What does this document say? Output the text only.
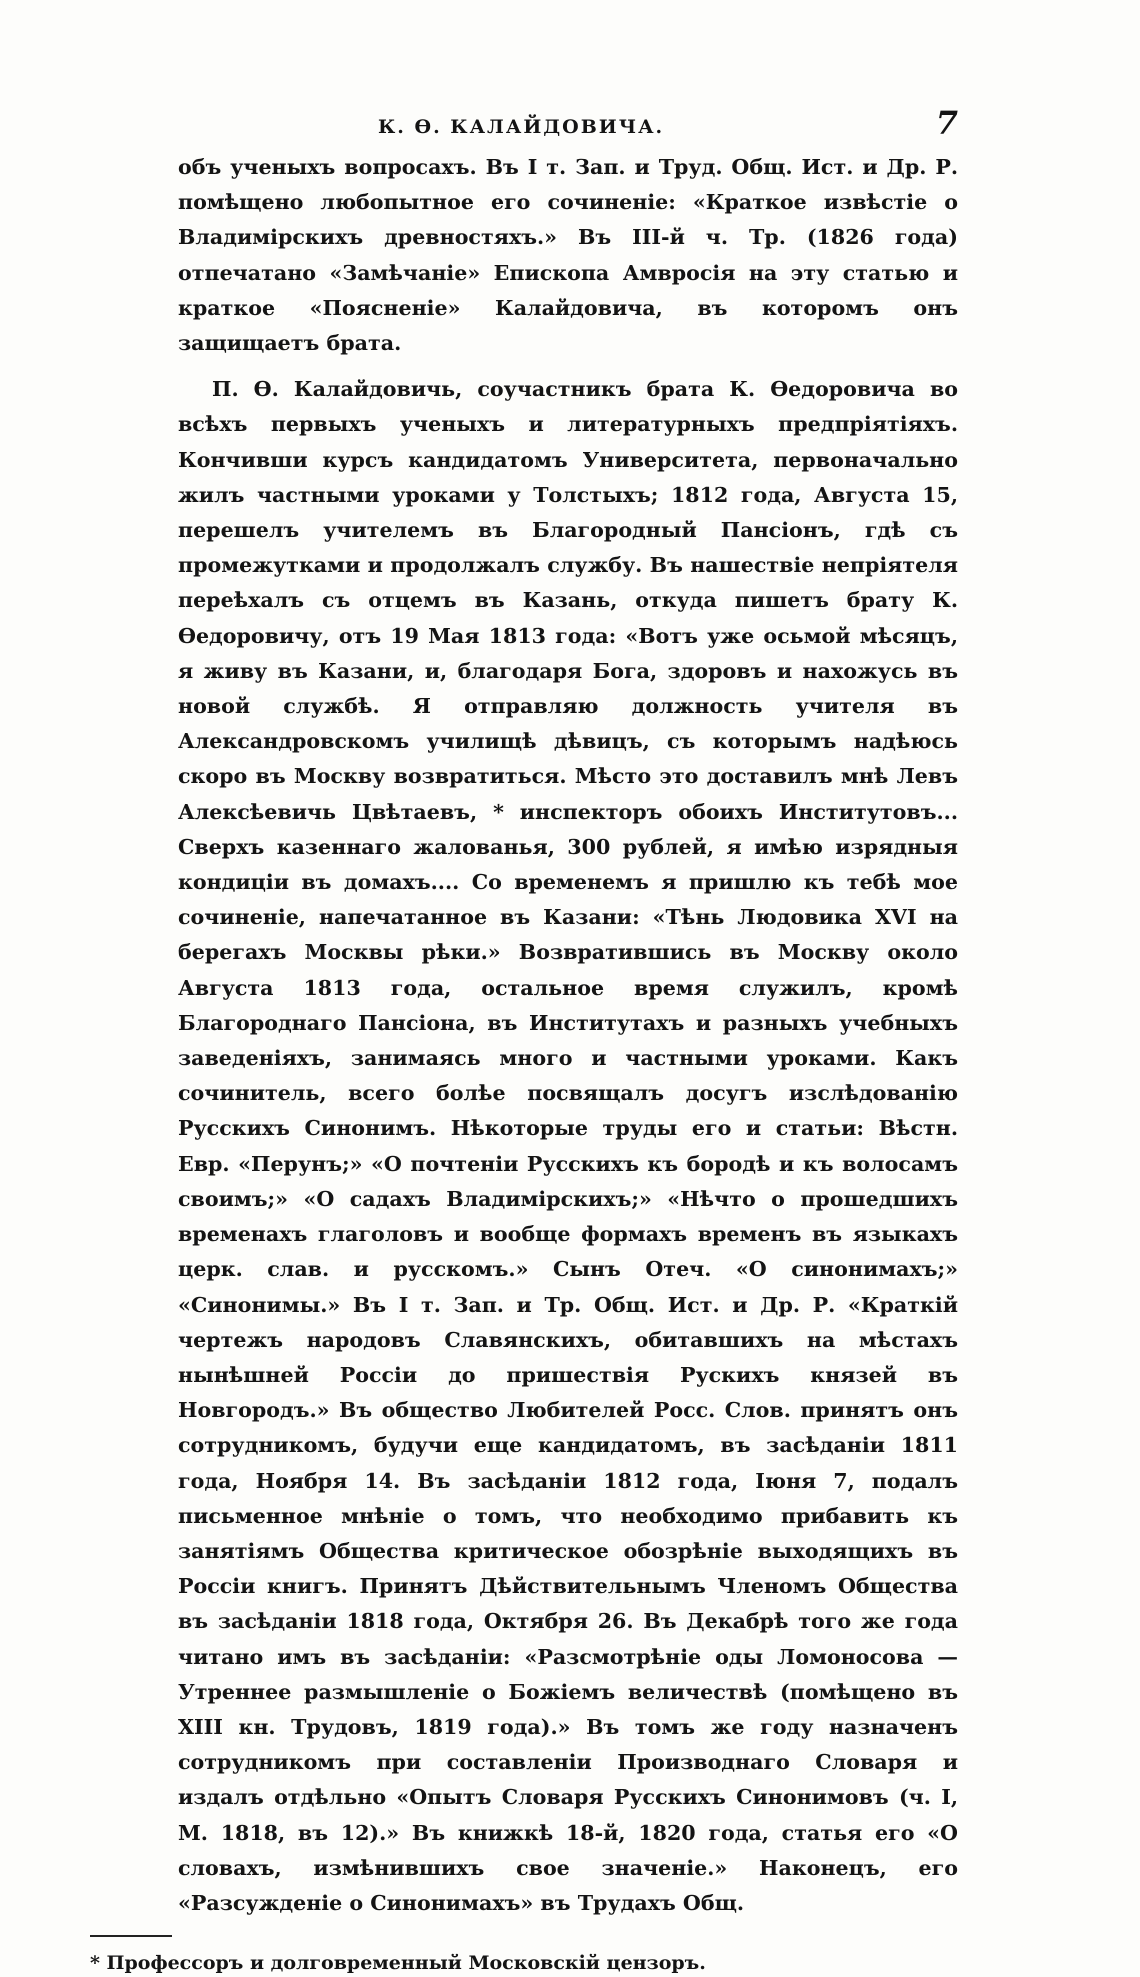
К. Ѳ. КАЛАЙДОВИЧА.	7

объ ученыхъ вопросахъ. Въ I т. Зап. и Труд. Общ. Ист. и Др. Р. помѣщено любопытное его сочиненіе: «Краткое извѣстіе о Владимірскихъ древностяхъ.» Въ III-й ч. Тр. (1826 года) отпечатано «Замѣчаніе» Епископа Амвросія на эту статью и краткое «Поясненіе» Калайдовича, въ которомъ онъ защищаетъ брата.

П. Ѳ. Калайдовичь, соучастникъ брата К. Ѳедоровича во всѣхъ первыхъ ученыхъ и литературныхъ предпріятіяхъ. Кончивши курсъ кандидатомъ Университета, первоначально жилъ частными уроками у Толстыхъ; 1812 года, Августа 15, перешелъ учителемъ въ Благородный Пансіонъ, гдѣ съ промежутками и продолжалъ службу. Въ нашествіе непріятеля переѣхалъ съ отцемъ въ Казань, откуда пишетъ брату К. Ѳедоровичу, отъ 19 Мая 1813 года: «Вотъ уже осьмой мѣсяцъ, я живу въ Казани, и, благодаря Бога, здоровъ и нахожусь въ новой службѣ. Я отправляю должность учителя въ Александровскомъ училищѣ дѣвицъ, съ которымъ надѣюсь скоро въ Москву возвратиться. Мѣсто это доставилъ мнѣ Левъ Алексѣевичь Цвѣтаевъ, * инспекторъ обоихъ Институтовъ... Сверхъ казеннаго жалованья, 300 рублей, я имѣю изрядныя кондиціи въ домахъ.... Со временемъ я пришлю къ тебѣ мое сочиненіе, напечатанное въ Казани: «Тѣнь Людовика XVI на берегахъ Москвы рѣки.» Возвратившись въ Москву около Августа 1813 года, остальное время служилъ, кромѣ Благороднаго Пансіона, въ Институтахъ и разныхъ учебныхъ заведеніяхъ, занимаясь много и частными уроками. Какъ сочинитель, всего болѣе посвящалъ досугъ изслѣдованію Русскихъ Синонимъ. Нѣкоторые труды его и статьи: Вѣстн. Евр. «Перунъ;» «О почтеніи Русскихъ къ бородѣ и къ волосамъ своимъ;» «О садахъ Владимірскихъ;» «Нѣчто о прошедшихъ временахъ глаголовъ и вообще формахъ временъ въ языкахъ церк. слав. и русскомъ.» Сынъ Отеч. «О синонимахъ;» «Синонимы.» Въ I т. Зап. и Тр. Общ. Ист. и Др. Р. «Краткій чертежъ народовъ Славянскихъ, обитавшихъ на мѣстахъ нынѣшней Россіи до пришествія Рускихъ князей въ Новгородъ.» Въ общество Любителей Росс. Слов. принятъ онъ сотрудникомъ, будучи еще кандидатомъ, въ засѣданіи 1811 года, Ноября 14. Въ засѣданіи 1812 года, Іюня 7, подалъ письменное мнѣніе о томъ, что необходимо прибавить къ занятіямъ Общества критическое обозрѣніе выходящихъ въ Россіи книгъ. Принятъ Дѣйствительнымъ Членомъ Общества въ засѣданіи 1818 года, Октября 26. Въ Декабрѣ того же года читано имъ въ засѣданіи: «Разсмотрѣніе оды Ломоносова — Утреннее размышленіе о Божіемъ величествѣ (помѣщено въ XIII кн. Трудовъ, 1819 года).» Въ томъ же году назначенъ сотрудникомъ при составленіи Производнаго Словаря и издалъ отдѣльно «Опытъ Словаря Русскихъ Синонимовъ (ч. I, М. 1818, въ 12).» Въ книжкѣ 18-й, 1820 года, статья его «О словахъ, измѣнившихъ свое значеніе.» Наконецъ, его «Разсужденіе о Синонимахъ» въ Трудахъ Общ.

* Профессоръ и долговременный Московскій цензоръ.
